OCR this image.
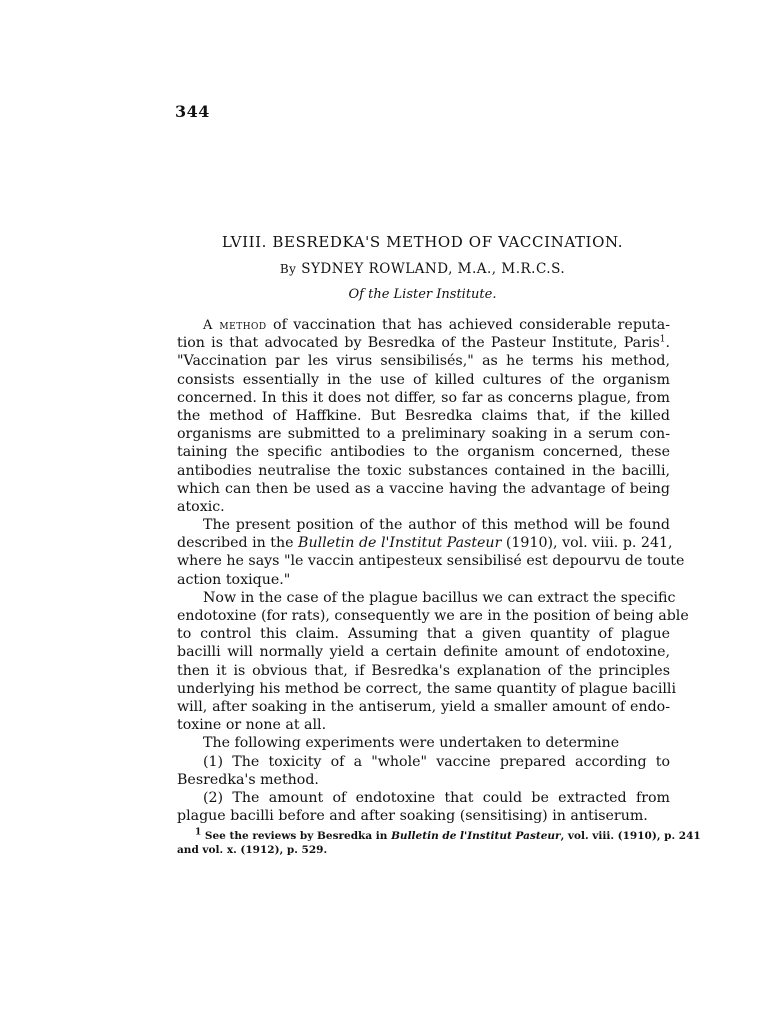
344
LVIII. BESREDKA'S METHOD OF VACCINATION.
By SYDNEY ROWLAND, M.A., M.R.C.S.
Of the Lister Institute.
A method of vaccination that has achieved considerable reputa-
tion is that advocated by Besredka of the Pasteur Institute, Paris$^1$.
"Vaccination par les virus sensibilisés," as he terms his method,
consists essentially in the use of killed cultures of the organism
concerned. In this it does not differ, so far as concerns plague, from
the method of Haffkine. But Besredka claims that, if the killed
organisms are submitted to a preliminary soaking in a serum con-
taining the specific antibodies to the organism concerned, these
antibodies neutralise the toxic substances contained in the bacilli,
which can then be used as a vaccine having the advantage of being
atoxic.
The present position of the author of this method will be found
described in the Bulletin de l'Institut Pasteur (1910), vol. viii. p. 241,
where he says "le vaccin antipesteux sensibilisé est depourvu de toute
action toxique."
Now in the case of the plague bacillus we can extract the specific
endotoxine (for rats), consequently we are in the position of being able
to control this claim. Assuming that a given quantity of plague
bacilli will normally yield a certain definite amount of endotoxine,
then it is obvious that, if Besredka's explanation of the principles
underlying his method be correct, the same quantity of plague bacilli
will, after soaking in the antiserum, yield a smaller amount of endo-
toxine or none at all.
The following experiments were undertaken to determine
(1) The toxicity of a "whole" vaccine prepared according to
Besredka's method.
(2) The amount of endotoxine that could be extracted from
plague bacilli before and after soaking (sensitising) in antiserum.
1 See the reviews by Besredka in Bulletin de l'Institut Pasteur, vol. viii. (1910), p. 241
and vol. x. (1912), p. 529.
